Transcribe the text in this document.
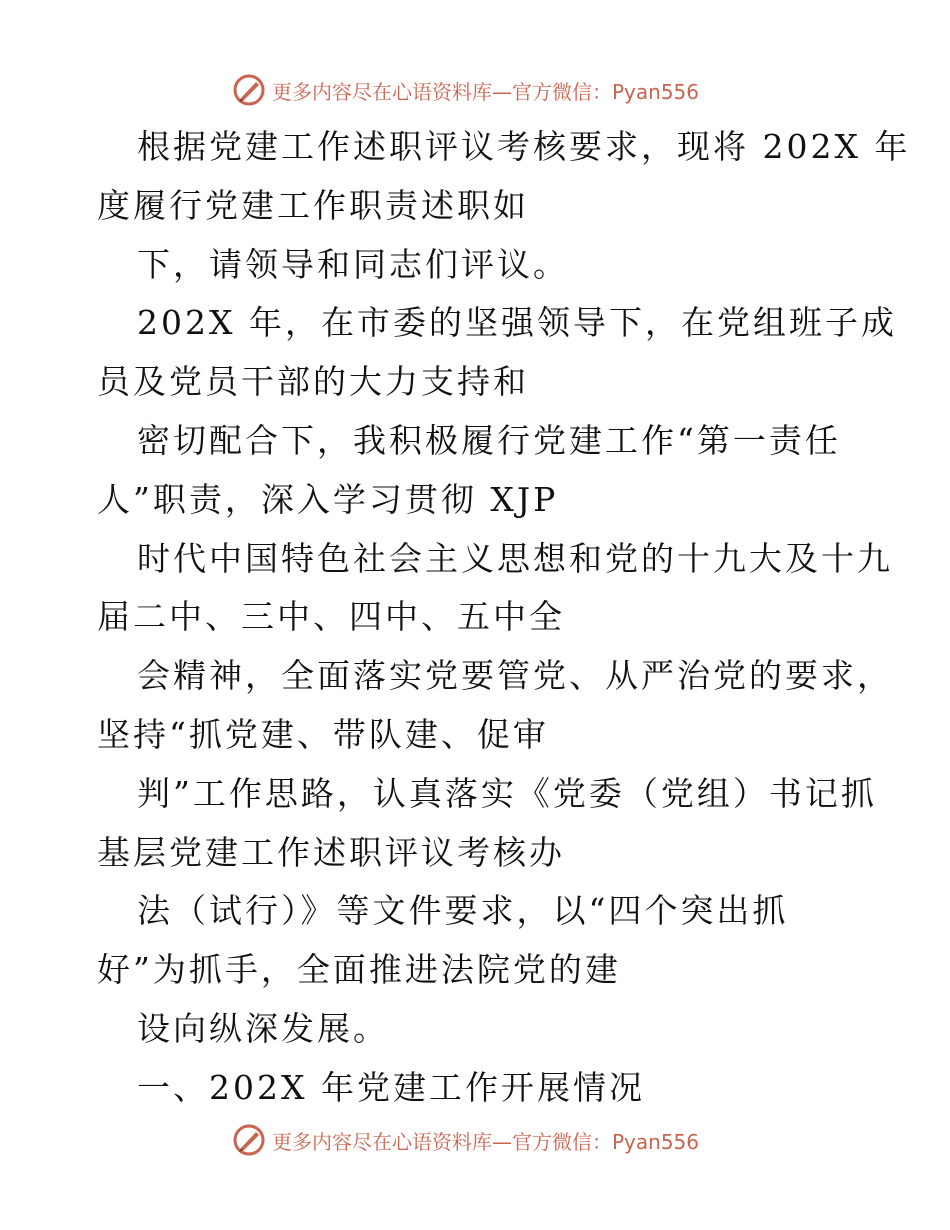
更多内容尽在心语资料库—官方微信：Pyan556
根据党建工作述职评议考核要求，现将 202X 年
度履行党建工作职责述职如
下，请领导和同志们评议。
202X 年，在市委的坚强领导下，在党组班子成
员及党员干部的大力支持和
密切配合下，我积极履行党建工作“第一责任
人”职责，深入学习贯彻 XJP
时代中国特色社会主义思想和党的十九大及十九
届二中、三中、四中、五中全
会精神，全面落实党要管党、从严治党的要求，
坚持“抓党建、带队建、促审
判”工作思路，认真落实《党委（党组）书记抓
基层党建工作述职评议考核办
法（试行）》等文件要求，以“四个突出抓
好”为抓手，全面推进法院党的建
设向纵深发展。
一、202X 年党建工作开展情况
更多内容尽在心语资料库—官方微信：Pyan556
